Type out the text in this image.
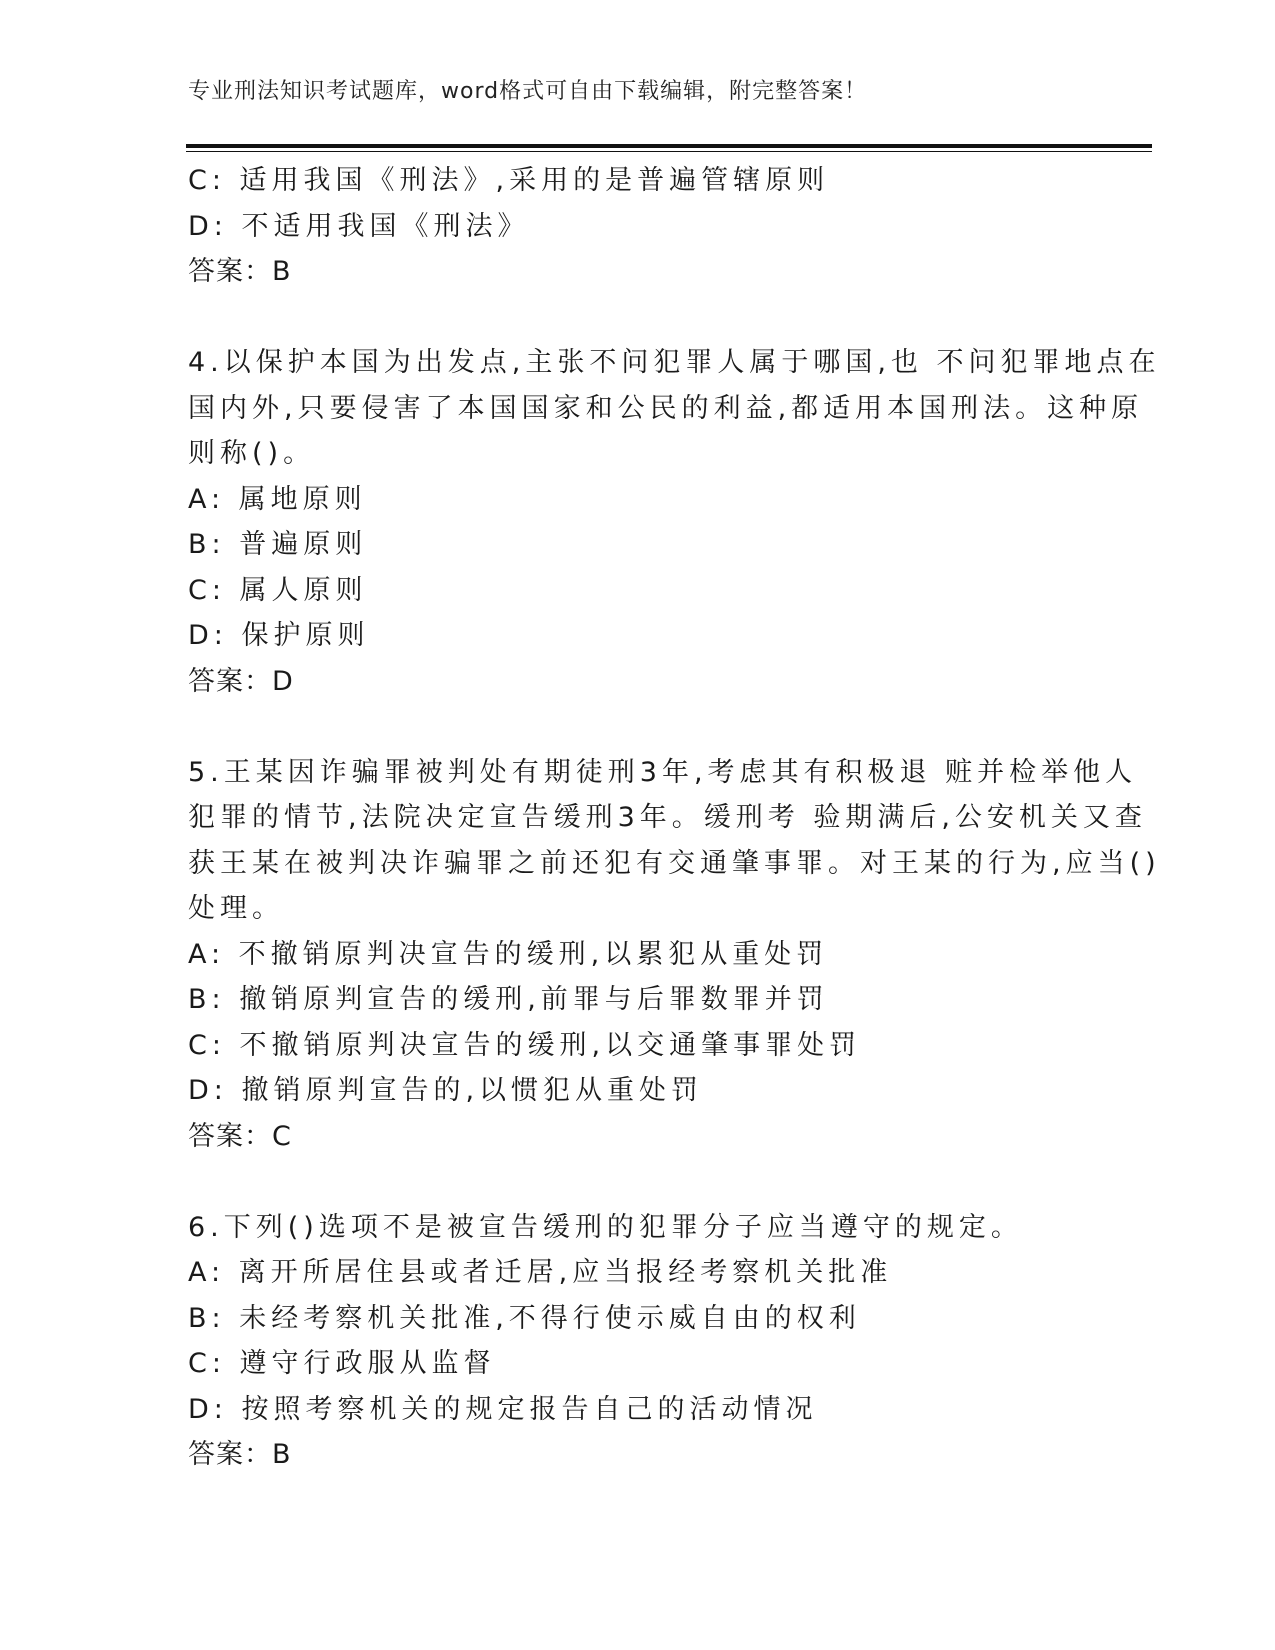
专业刑法知识考试题库，word格式可自由下载编辑，附完整答案！
C: 适用我国《刑法》,采用的是普遍管辖原则
D: 不适用我国《刑法》
答案：B
4.以保护本国为出发点,主张不问犯罪人属于哪国,也 不问犯罪地点在
国内外,只要侵害了本国国家和公民的利益,都适用本国刑法。这种原
则称()。
A: 属地原则
B: 普遍原则
C: 属人原则
D: 保护原则
答案：D
5.王某因诈骗罪被判处有期徒刑3年,考虑其有积极退 赃并检举他人
犯罪的情节,法院决定宣告缓刑3年。缓刑考 验期满后,公安机关又查
获王某在被判决诈骗罪之前还犯有交通肇事罪。对王某的行为,应当()
处理。
A: 不撤销原判决宣告的缓刑,以累犯从重处罚
B: 撤销原判宣告的缓刑,前罪与后罪数罪并罚
C: 不撤销原判决宣告的缓刑,以交通肇事罪处罚
D: 撤销原判宣告的,以惯犯从重处罚
答案：C
6.下列()选项不是被宣告缓刑的犯罪分子应当遵守的规定。
A: 离开所居住县或者迁居,应当报经考察机关批准
B: 未经考察机关批准,不得行使示威自由的权利
C: 遵守行政服从监督
D: 按照考察机关的规定报告自己的活动情况
答案：B
